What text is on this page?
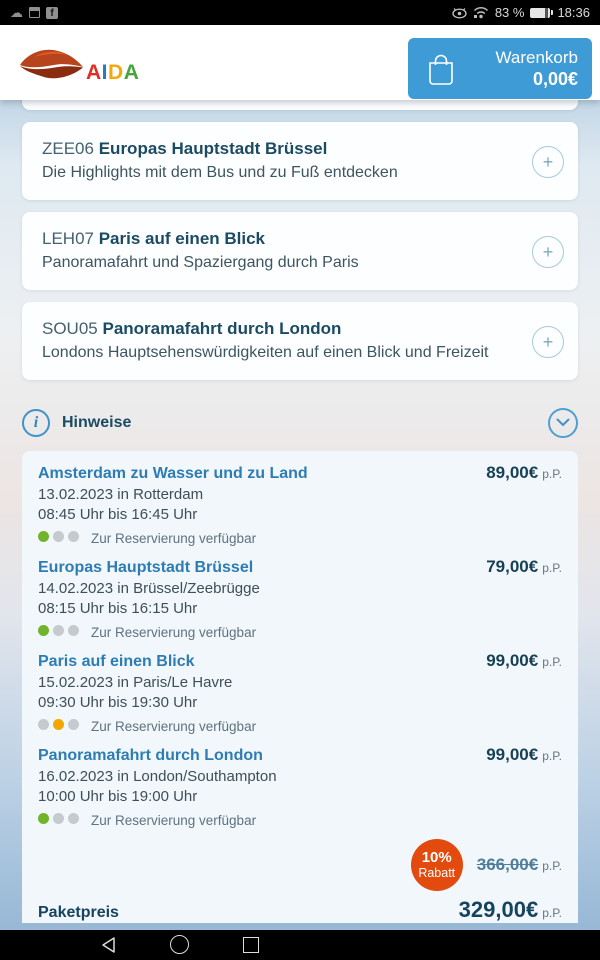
☁	f	83 %	18:36
AIDA
Warenkorb
0,00€
ZEE06 Europas Hauptstadt Brüssel
Die Highlights mit dem Bus und zu Fuß entdecken
+
LEH07 Paris auf einen Blick
Panoramafahrt und Spaziergang durch Paris
+
SOU05 Panoramafahrt durch London
Londons Hauptsehenswürdigkeiten auf einen Blick und Freizeit
+
i	Hinweise
Amsterdam zu Wasser und zu Land	89,00€ p.P.
13.02.2023 in Rotterdam
08:45 Uhr bis 16:45 Uhr
Zur Reservierung verfügbar
Europas Hauptstadt Brüssel	79,00€ p.P.
14.02.2023 in Brüssel/Zeebrügge
08:15 Uhr bis 16:15 Uhr
Zur Reservierung verfügbar
Paris auf einen Blick	99,00€ p.P.
15.02.2023 in Paris/Le Havre
09:30 Uhr bis 19:30 Uhr
Zur Reservierung verfügbar
Panoramafahrt durch London	99,00€ p.P.
16.02.2023 in London/Southampton
10:00 Uhr bis 19:00 Uhr
Zur Reservierung verfügbar
10%
Rabatt 366,00€ p.P.
Paketpreis	329,00€ p.P.
